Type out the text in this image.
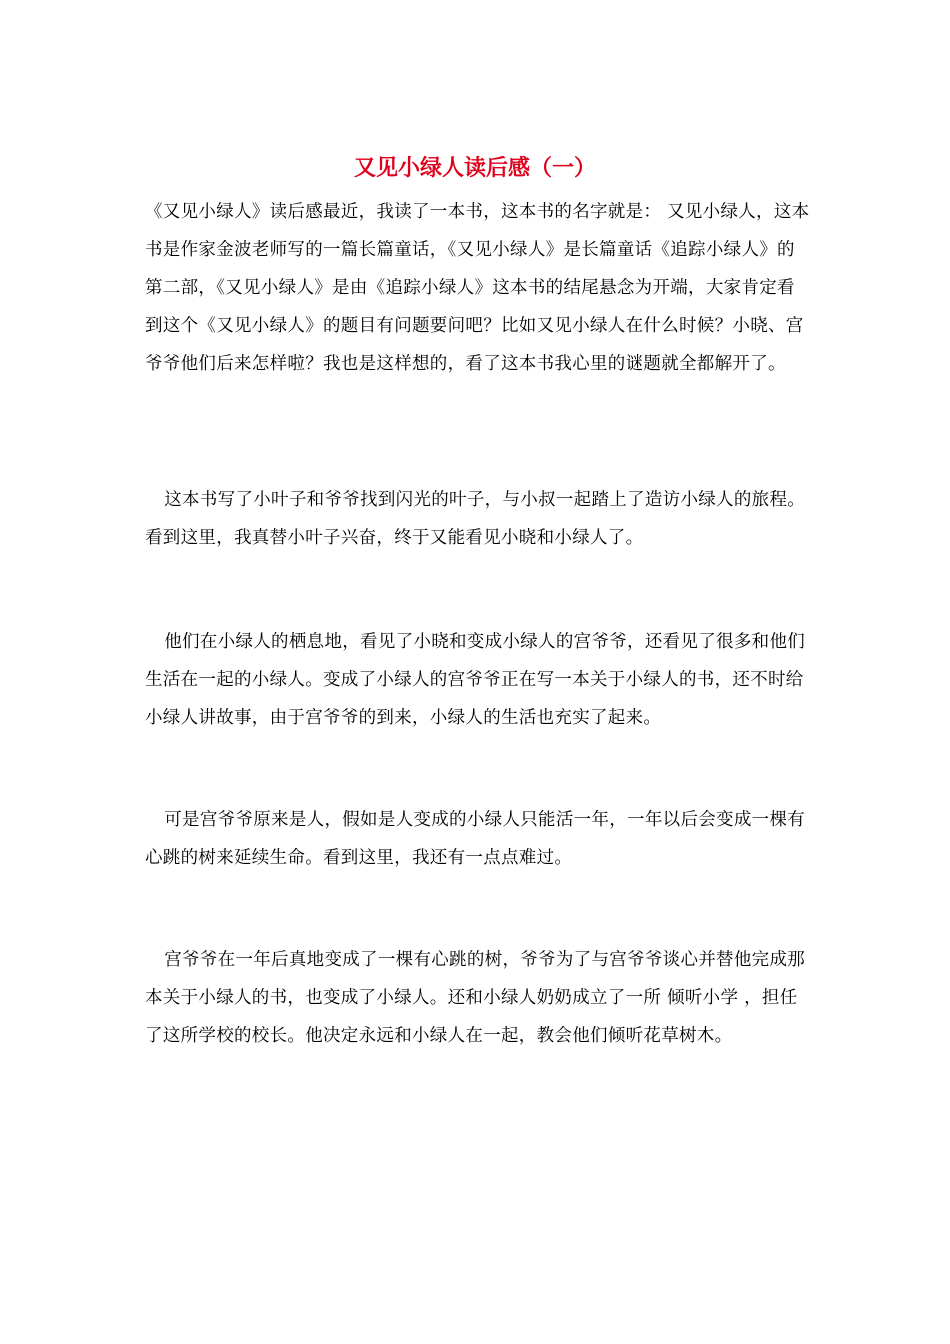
又见小绿人读后感（一）

《又见小绿人》读后感最近，我读了一本书，这本书的名字就是： 又见小绿人，这本书是作家金波老师写的一篇长篇童话，《又见小绿人》是长篇童话《追踪小绿人》的第二部，《又见小绿人》是由《追踪小绿人》这本书的结尾悬念为开端，大家肯定看到这个《又见小绿人》的题目有问题要问吧？比如又见小绿人在什么时候？小晓、宫爷爷他们后来怎样啦？我也是这样想的，看了这本书我心里的谜题就全都解开了。

这本书写了小叶子和爷爷找到闪光的叶子，与小叔一起踏上了造访小绿人的旅程。看到这里，我真替小叶子兴奋，终于又能看见小晓和小绿人了。

他们在小绿人的栖息地，看见了小晓和变成小绿人的宫爷爷，还看见了很多和他们生活在一起的小绿人。变成了小绿人的宫爷爷正在写一本关于小绿人的书，还不时给小绿人讲故事，由于宫爷爷的到来，小绿人的生活也充实了起来。

可是宫爷爷原来是人，假如是人变成的小绿人只能活一年，一年以后会变成一棵有心跳的树来延续生命。看到这里，我还有一点点难过。

宫爷爷在一年后真地变成了一棵有心跳的树，爷爷为了与宫爷爷谈心并替他完成那本关于小绿人的书，也变成了小绿人。还和小绿人奶奶成立了一所 倾听小学 ，担任了这所学校的校长。他决定永远和小绿人在一起，教会他们倾听花草树木。
